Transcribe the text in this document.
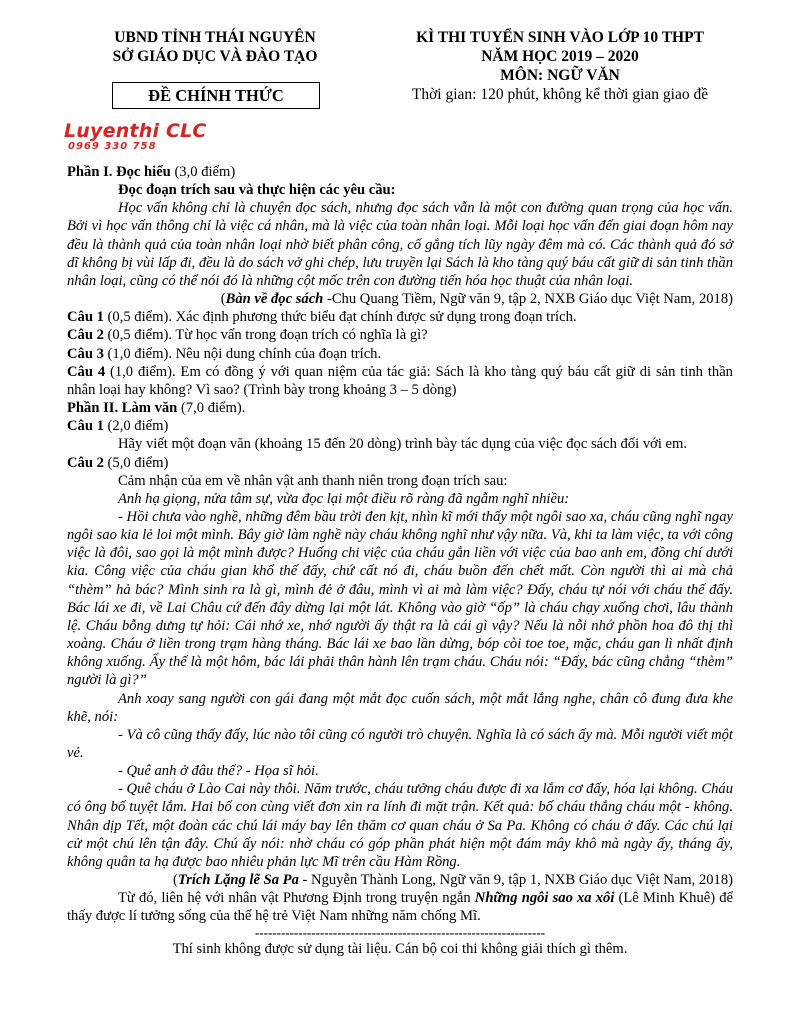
UBND TỈNH THÁI NGUYÊN
SỞ GIÁO DỤC VÀ ĐÀO TẠO
ĐỀ CHÍNH THỨC
KÌ THI TUYỂN SINH VÀO LỚP 10 THPT
NĂM HỌC 2019 – 2020
MÔN: NGỮ VĂN
Thời gian: 120 phút, không kể thời gian giao đề
Luyenthi CLC
0969 330 758

Phần I. Đọc hiểu (3,0 điểm)

Đọc đoạn trích sau và thực hiện các yêu cầu:

Học vấn không chỉ là chuyện đọc sách, nhưng đọc sách vẫn là một con đường quan trọng của học vấn. Bởi vì học vấn thông chỉ là việc cá nhân, mà là việc của toàn nhân loại. Mỗi loại học vấn đến giai đoạn hôm nay đều là thành quả của toàn nhân loại nhờ biết phân công, cố gắng tích lũy ngày đêm mà có. Các thành quả đó sở dĩ không bị vùi lấp đi, đều là do sách vở ghi chép, lưu truyền lại Sách là kho tàng quý báu cất giữ di sản tinh thần nhân loại, cũng có thể nói đó là những cột mốc trên con đường tiến hóa học thuật của nhân loại.

(Bàn về đọc sách -Chu Quang Tiềm, Ngữ văn 9, tập 2, NXB Giáo dục Việt Nam, 2018)

Câu 1 (0,5 điểm). Xác định phương thức biểu đạt chính được sử dụng trong đoạn trích.

Câu 2 (0,5 điểm). Từ học vấn trong đoạn trích có nghĩa là gì?

Câu 3 (1,0 điểm). Nêu nội dung chính của đoạn trích.

Câu 4 (1,0 điểm). Em có đồng ý với quan niệm của tác giả: Sách là kho tàng quý báu cất giữ di sản tinh thần nhân loại hay không? Vì sao? (Trình bày trong khoảng 3 – 5 dòng)

Phần II. Làm văn (7,0 điểm).

Câu 1 (2,0 điểm)

Hãy viết một đoạn văn (khoảng 15 đến 20 dòng) trình bày tác dụng của việc đọc sách đối với em.

Câu 2 (5,0 điểm)

Cảm nhận của em về nhân vật anh thanh niên trong đoạn trích sau:

Anh hạ giọng, nửa tâm sự, vừa đọc lại một điều rõ ràng đã ngẫm nghĩ nhiều:

- Hồi chưa vào nghề, những đêm bầu trời đen kịt, nhìn kĩ mới thấy một ngôi sao xa, cháu cũng nghĩ ngay ngôi sao kia lẻ loi một mình. Bây giờ làm nghề này cháu không nghĩ như vậy nữa. Và, khi ta làm việc, ta với công việc là đôi, sao gọi là một mình được? Huống chi việc của cháu gắn liền với việc của bao anh em, đồng chí dưới kia. Công việc của cháu gian khổ thế đấy, chứ cất nó đi, cháu buồn đến chết mất. Còn người thì ai mà chả “thèm” hả bác? Mình sinh ra là gì, mình đẻ ở đâu, mình vì ai mà làm việc? Đấy, cháu tự nói với cháu thế đấy. Bác lái xe đi, về Lai Châu cứ đến đây dừng lại một lát. Không vào giờ “ốp” là cháu chạy xuống chơi, lâu thành lệ. Cháu bỗng dưng tự hỏi: Cái nhớ xe, nhớ người ấy thật ra là cái gì vậy? Nếu là nỗi nhớ phồn hoa đô thị thì xoàng. Cháu ở liền trong trạm hàng tháng. Bác lái xe bao lần dừng, bóp còi toe toe, mặc, cháu gan lì nhất định không xuống. Ấy thế là một hôm, bác lái phải thân hành lên trạm cháu. Cháu nói: “Đấy, bác cũng chẳng “thèm” người là gì?”

Anh xoay sang người con gái đang một mắt đọc cuốn sách, một mắt lắng nghe, chân cô đung đưa khe khẽ, nói:

- Và cô cũng thấy đấy, lúc nào tôi cũng có người trò chuyện. Nghĩa là có sách ấy mà. Mỗi người viết một vẻ.

- Quê anh ở đâu thế? - Họa sĩ hỏi.

- Quê cháu ở Lào Cai này thôi. Năm trước, cháu tưởng cháu được đi xa lắm cơ đấy, hóa lại không. Cháu có ông bố tuyệt lắm. Hai bố con cùng viết đơn xin ra lính đi mặt trận. Kết quả: bố cháu thắng cháu một - không. Nhân dịp Tết, một đoàn các chú lái máy bay lên thăm cơ quan cháu ở Sa Pa. Không có cháu ở đấy. Các chú lại cử một chú lên tận đây. Chú ấy nói: nhờ cháu có góp phần phát hiện một đám mây khô mà ngày ấy, tháng ấy, không quân ta hạ được bao nhiêu phản lực Mĩ trên cầu Hàm Rồng.

(Trích Lặng lẽ Sa Pa - Nguyễn Thành Long, Ngữ văn 9, tập 1, NXB Giáo dục Việt Nam, 2018)

Từ đó, liên hệ với nhân vật Phương Định trong truyện ngắn Những ngôi sao xa xôi (Lê Minh Khuê) để thấy được lí tưởng sống của thế hệ trẻ Việt Nam những năm chống Mĩ.

-------------------------------------------------------------------

Thí sinh không được sử dụng tài liệu. Cán bộ coi thi không giải thích gì thêm.
